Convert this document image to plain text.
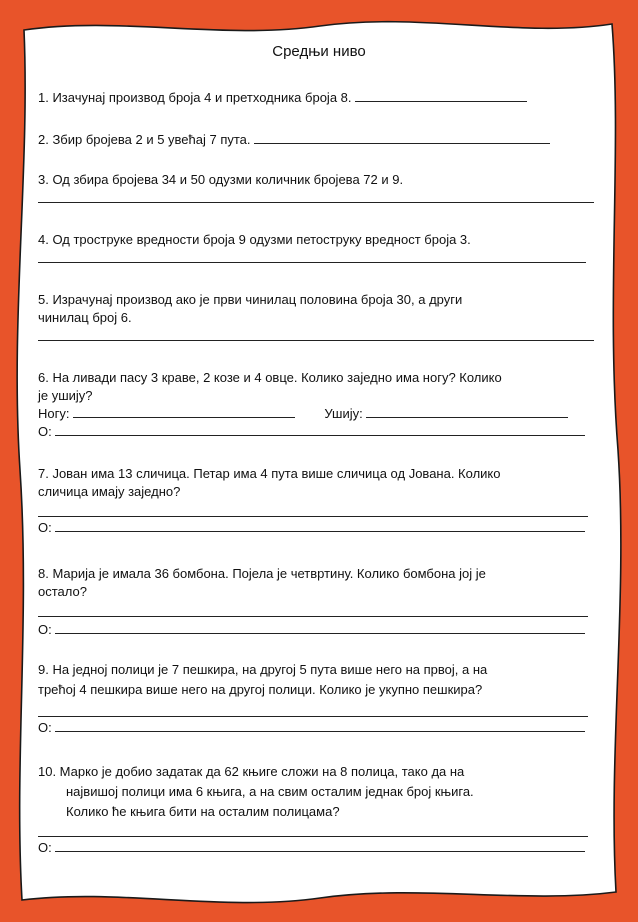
Средњи ниво
1. Изачунај производ броја 4 и претходника броја 8.
2. Збир бројева 2 и 5 увећај 7 пута.
3. Од збира бројева 34 и 50 одузми количник бројева 72 и 9.
4. Од троструке вредности броја 9 одузми петоструку вредност броја 3.
5. Израчунај производ ако је први чинилац половина броја 30, а други
чинилац број 6.
6. На ливади пасу 3 краве, 2 козе и 4 овце. Колико заједно има ногу? Колико
је ушију?
Ногу:	Ушију:
О:
7. Јован има 13 сличица. Петар има 4 пута више сличица од Јована. Колико
сличица имају заједно?
О:
8. Марија је имала 36 бомбона. Појела је четвртину. Колико бомбона јој је
остало?
О:
9. На једној полици је 7 пешкира, на другој 5 пута више него на првој, а на
трећој 4 пешкира више него на другој полици. Колико је укупно пешкира?
О:
10. Марко је добио задатак да 62 књиге сложи на 8 полица, тако да на
највишој полици има 6 књига, а на свим осталим једнак број књига.
Колико ће књига бити на осталим полицама?
О:
